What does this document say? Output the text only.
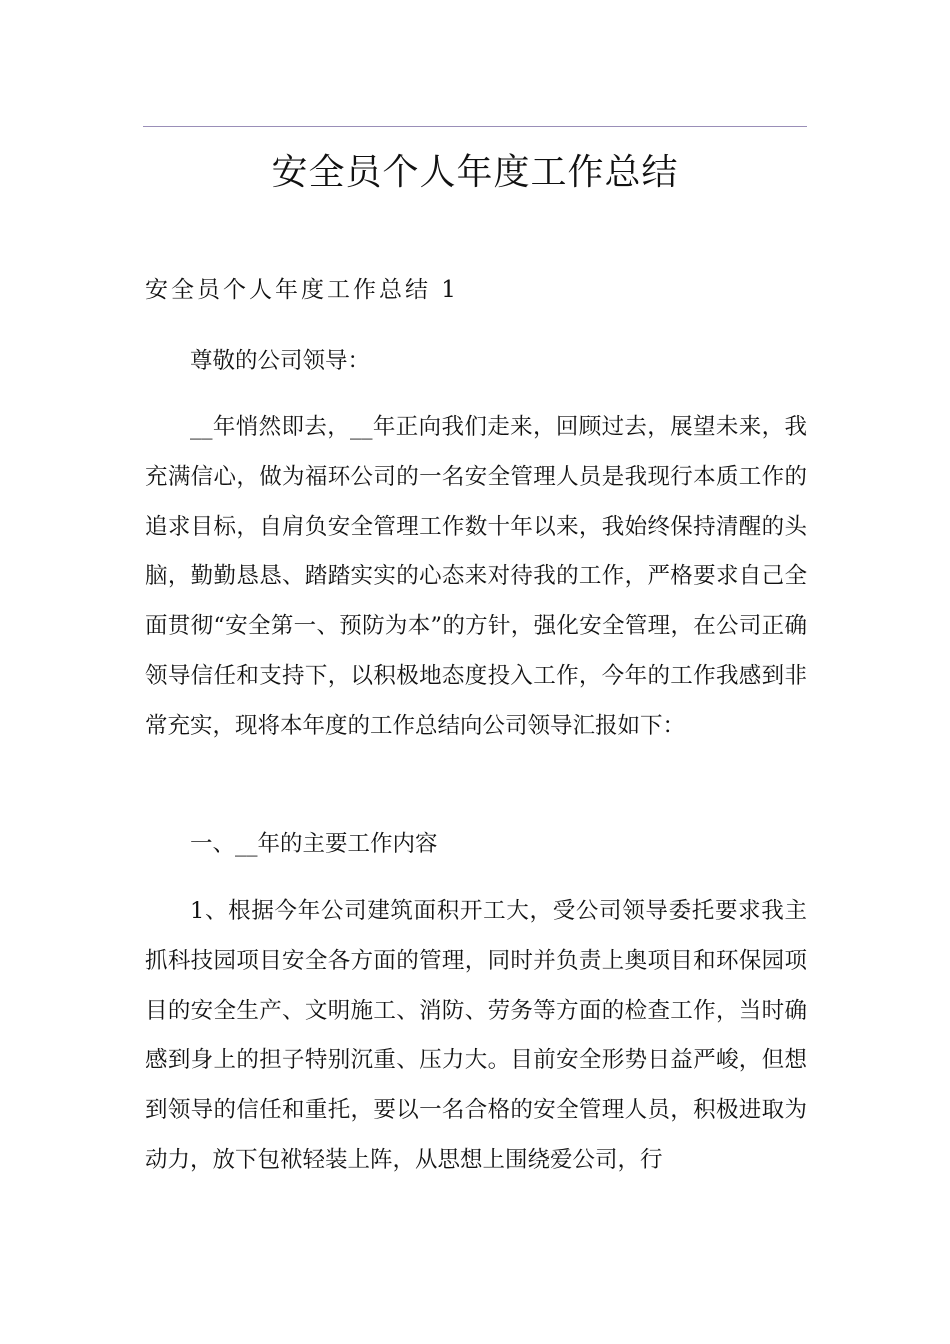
安全员个人年度工作总结
安全员个人年度工作总结 1

尊敬的公司领导：

__年悄然即去，__年正向我们走来，回顾过去，展望未来，我充满信心，做为福环公司的一名安全管理人员是我现行本质工作的追求目标，自肩负安全管理工作数十年以来，我始终保持清醒的头脑，勤勤恳恳、踏踏实实的心态来对待我的工作，严格要求自己全面贯彻“安全第一、预防为本”的方针，强化安全管理，在公司正确领导信任和支持下，以积极地态度投入工作，今年的工作我感到非常充实，现将本年度的工作总结向公司领导汇报如下：

一、__年的主要工作内容

1、根据今年公司建筑面积开工大，受公司领导委托要求我主抓科技园项目安全各方面的管理，同时并负责上奥项目和环保园项目的安全生产、文明施工、消防、劳务等方面的检查工作，当时确感到身上的担子特别沉重、压力大。目前安全形势日益严峻，但想到领导的信任和重托，要以一名合格的安全管理人员，积极进取为动力，放下包袱轻装上阵，从思想上围绕爱公司，行
